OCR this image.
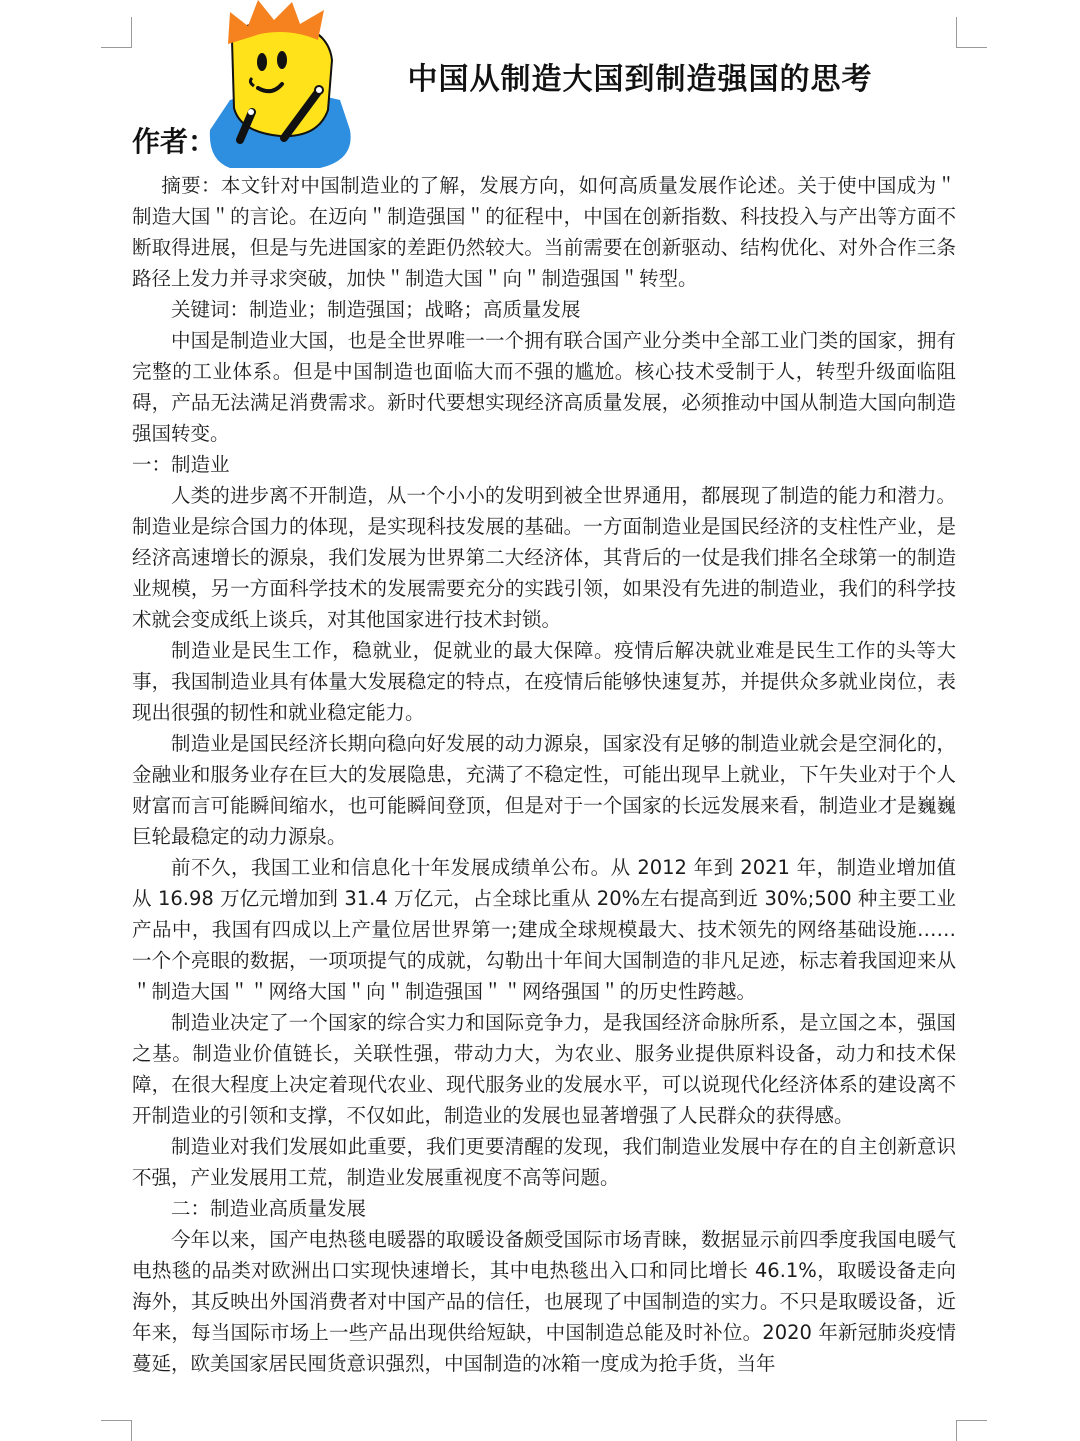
中国从制造大国到制造强国的思考
作者：

摘要：本文针对中国制造业的了解，发展方向，如何高质量发展作论述。关于使中国成为＂制造大国＂的言论。在迈向＂制造强国＂的征程中，中国在创新指数、科技投入与产出等方面不断取得进展，但是与先进国家的差距仍然较大。当前需要在创新驱动、结构优化、对外合作三条路径上发力并寻求突破，加快＂制造大国＂向＂制造强国＂转型。

关键词：制造业；制造强国；战略；高质量发展

中国是制造业大国，也是全世界唯一一个拥有联合国产业分类中全部工业门类的国家，拥有完整的工业体系。但是中国制造也面临大而不强的尴尬。核心技术受制于人，转型升级面临阻碍，产品无法满足消费需求。新时代要想实现经济高质量发展，必须推动中国从制造大国向制造强国转变。

一：制造业

人类的进步离不开制造，从一个小小的发明到被全世界通用，都展现了制造的能力和潜力。制造业是综合国力的体现，是实现科技发展的基础。一方面制造业是国民经济的支柱性产业，是经济高速增长的源泉，我们发展为世界第二大经济体，其背后的一仗是我们排名全球第一的制造业规模，另一方面科学技术的发展需要充分的实践引领，如果没有先进的制造业，我们的科学技术就会变成纸上谈兵，对其他国家进行技术封锁。

制造业是民生工作，稳就业，促就业的最大保障。疫情后解决就业难是民生工作的头等大事，我国制造业具有体量大发展稳定的特点，在疫情后能够快速复苏，并提供众多就业岗位，表现出很强的韧性和就业稳定能力。

制造业是国民经济长期向稳向好发展的动力源泉，国家没有足够的制造业就会是空洞化的，金融业和服务业存在巨大的发展隐患，充满了不稳定性，可能出现早上就业，下午失业对于个人财富而言可能瞬间缩水，也可能瞬间登顶，但是对于一个国家的长远发展来看，制造业才是巍巍巨轮最稳定的动力源泉。

前不久，我国工业和信息化十年发展成绩单公布。从 2012 年到 2021 年，制造业增加值从 16.98 万亿元增加到 31.4 万亿元，占全球比重从 20%左右提高到近 30%;500 种主要工业产品中，我国有四成以上产量位居世界第一;建成全球规模最大、技术领先的网络基础设施……一个个亮眼的数据，一项项提气的成就，勾勒出十年间大国制造的非凡足迹，标志着我国迎来从＂制造大国＂＂网络大国＂向＂制造强国＂＂网络强国＂的历史性跨越。

制造业决定了一个国家的综合实力和国际竞争力，是我国经济命脉所系，是立国之本，强国之基。制造业价值链长，关联性强，带动力大，为农业、服务业提供原料设备，动力和技术保障，在很大程度上决定着现代农业、现代服务业的发展水平，可以说现代化经济体系的建设离不开制造业的引领和支撑，不仅如此，制造业的发展也显著增强了人民群众的获得感。

制造业对我们发展如此重要，我们更要清醒的发现，我们制造业发展中存在的自主创新意识不强，产业发展用工荒，制造业发展重视度不高等问题。

二：制造业高质量发展

今年以来，国产电热毯电暖器的取暖设备颇受国际市场青睐，数据显示前四季度我国电暖气电热毯的品类对欧洲出口实现快速增长，其中电热毯出入口和同比增长 46.1%，取暖设备走向海外，其反映出外国消费者对中国产品的信任，也展现了中国制造的实力。不只是取暖设备，近年来，每当国际市场上一些产品出现供给短缺，中国制造总能及时补位。2020 年新冠肺炎疫情蔓延，欧美国家居民囤货意识强烈，中国制造的冰箱一度成为抢手货，当年
